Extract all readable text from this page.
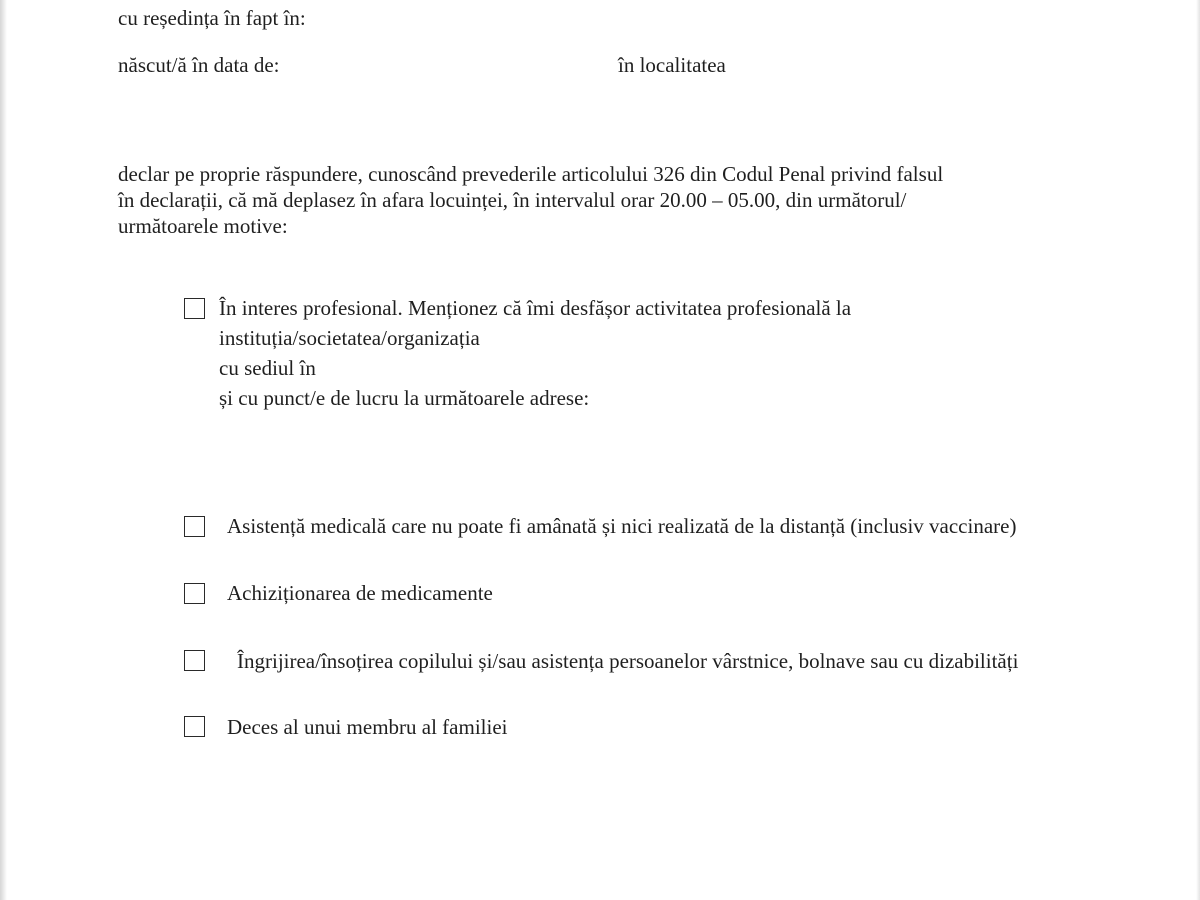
cu reședința în fapt în:
născut/ă în data de:	în localitatea
declar pe proprie răspundere, cunoscând prevederile articolului 326 din Codul Penal privind falsul
în declarații, că mă deplasez în afara locuinței, în intervalul orar 20.00 – 05.00, din următorul/
următoarele motive:
În interes profesional. Menționez că îmi desfășor activitatea profesională la
instituția/societatea/organizația
cu sediul în
și cu punct/e de lucru la următoarele adrese:
Asistență medicală care nu poate fi amânată și nici realizată de la distanță (inclusiv vaccinare)
Achiziționarea de medicamente
Îngrijirea/însoțirea copilului și/sau asistența persoanelor vârstnice, bolnave sau cu dizabilități
Deces al unui membru al familiei
